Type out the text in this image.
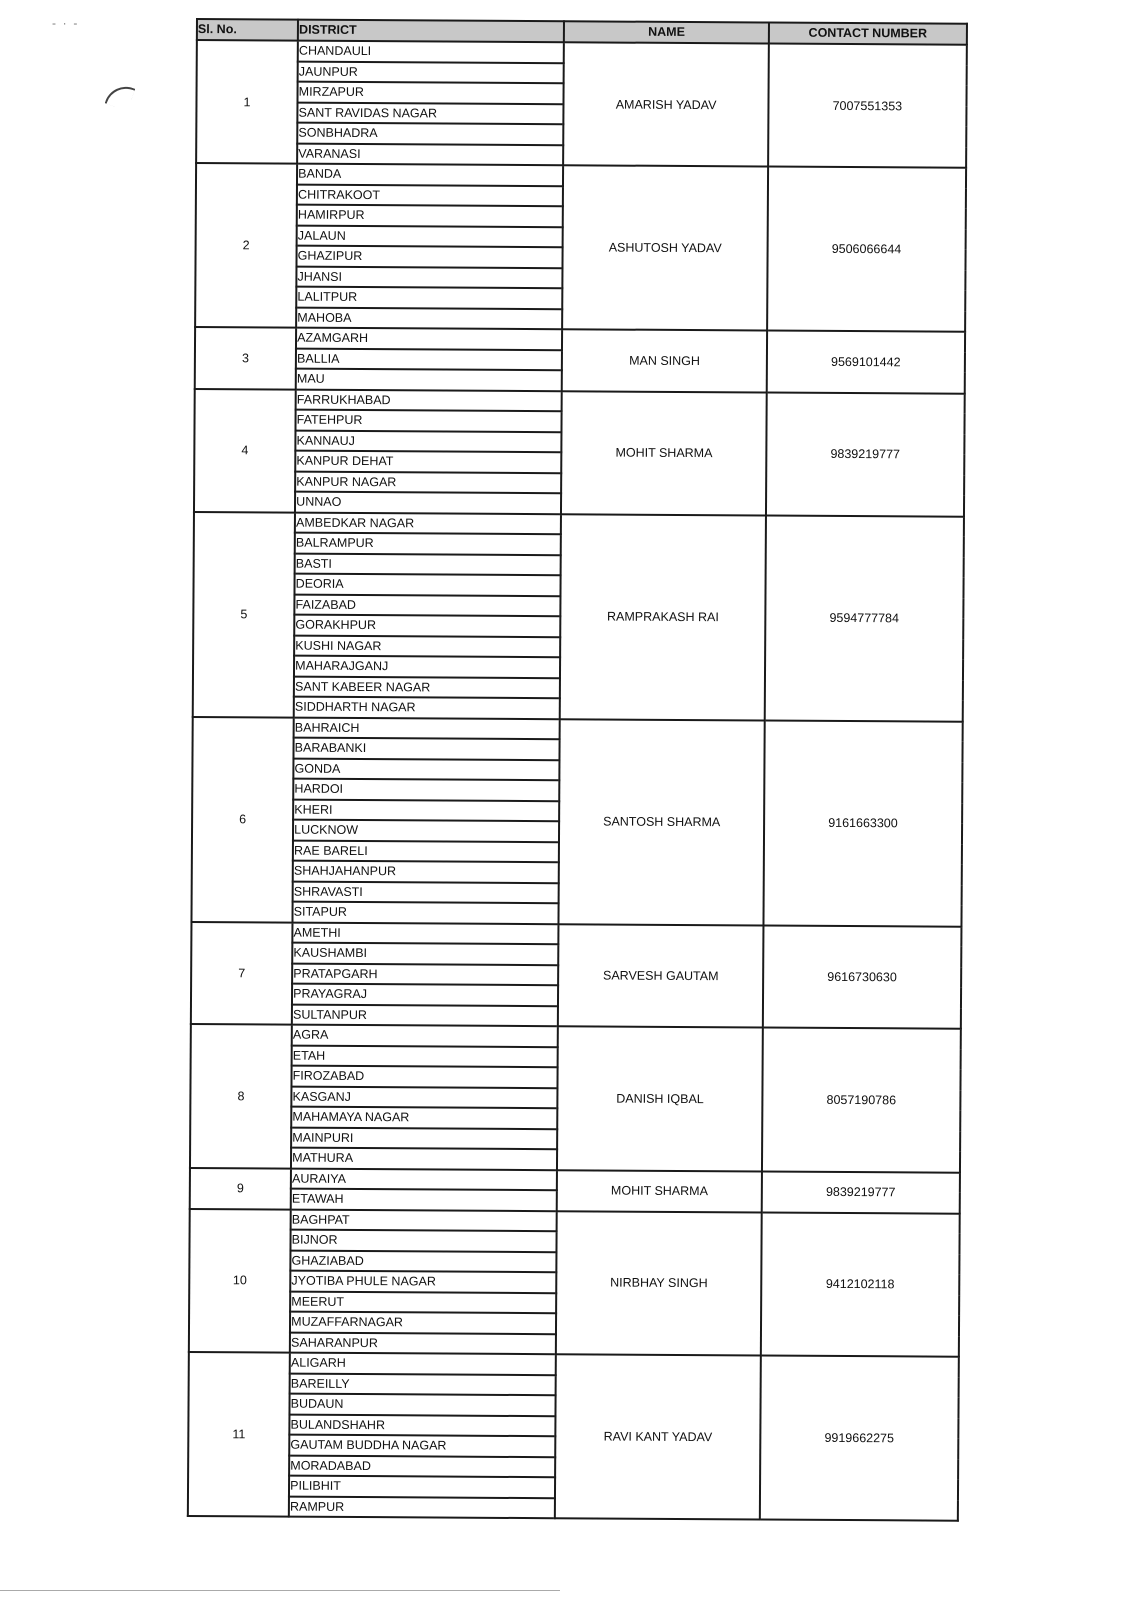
-  ·  -	Sl. No.	DISTRICT	NAME	CONTACT NUMBER
1	CHANDAULI	AMARISH YADAV	7007551353
	JAUNPUR		
	MIRZAPUR		
	SANT RAVIDAS NAGAR		
	SONBHADRA		
	VARANASI		
2	BANDA	ASHUTOSH YADAV	9506066644
	CHITRAKOOT		
	HAMIRPUR		
	JALAUN		
	GHAZIPUR		
	JHANSI		
	LALITPUR		
	MAHOBA		
3	AZAMGARH	MAN SINGH	9569101442
	BALLIA		
	MAU		
4	FARRUKHABAD	MOHIT SHARMA	9839219777
	FATEHPUR		
	KANNAUJ		
	KANPUR DEHAT		
	KANPUR NAGAR		
	UNNAO		
5	AMBEDKAR NAGAR	RAMPRAKASH RAI	9594777784
	BALRAMPUR		
	BASTI		
	DEORIA		
	FAIZABAD		
	GORAKHPUR		
	KUSHI NAGAR		
	MAHARAJGANJ		
	SANT KABEER NAGAR		
	SIDDHARTH NAGAR		
6	BAHRAICH	SANTOSH SHARMA	9161663300
	BARABANKI		
	GONDA		
	HARDOI		
	KHERI		
	LUCKNOW		
	RAE BARELI		
	SHAHJAHANPUR		
	SHRAVASTI		
	SITAPUR		
7	AMETHI	SARVESH GAUTAM	9616730630
	KAUSHAMBI		
	PRATAPGARH		
	PRAYAGRAJ		
	SULTANPUR		
8	AGRA	DANISH IQBAL	8057190786
	ETAH		
	FIROZABAD		
	KASGANJ		
	MAHAMAYA NAGAR		
	MAINPURI		
	MATHURA		
9	AURAIYA	MOHIT SHARMA	9839219777
	ETAWAH		
10	BAGHPAT	NIRBHAY SINGH	9412102118
	BIJNOR		
	GHAZIABAD		
	JYOTIBA PHULE NAGAR		
	MEERUT		
	MUZAFFARNAGAR		
	SAHARANPUR		
11	ALIGARH	RAVI KANT YADAV	9919662275
	BAREILLY		
	BUDAUN		
	BULANDSHAHR		
	GAUTAM BUDDHA NAGAR		
	MORADABAD		
	PILIBHIT		
	RAMPUR		
